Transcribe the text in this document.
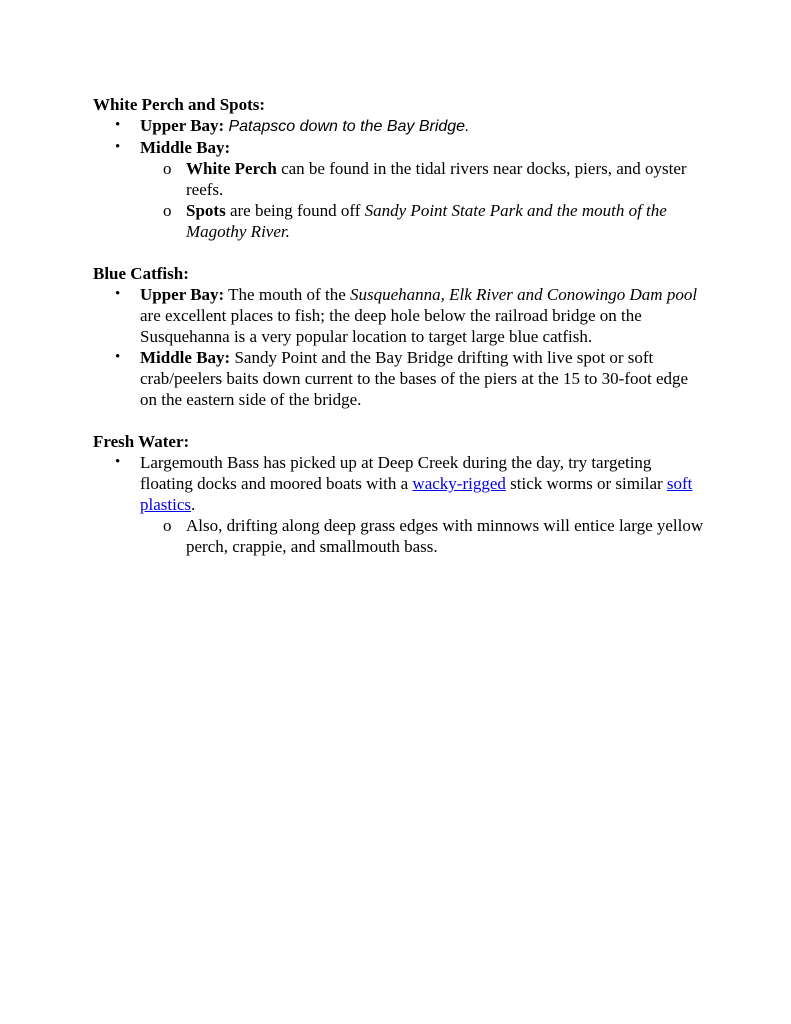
White Perch and Spots:

• Upper Bay: Patapsco down to the Bay Bridge.
• Middle Bay:
o White Perch can be found in the tidal rivers near docks, piers, and oyster reefs.
o Spots are being found off Sandy Point State Park and the mouth of the Magothy River.

Blue Catfish:

• Upper Bay: The mouth of the Susquehanna, Elk River and Conowingo Dam pool are excellent places to fish; the deep hole below the railroad bridge on the Susquehanna is a very popular location to target large blue catfish.
• Middle Bay: Sandy Point and the Bay Bridge drifting with live spot or soft crab/peelers baits down current to the bases of the piers at the 15 to 30-foot edge on the eastern side of the bridge.

Fresh Water:

• Largemouth Bass has picked up at Deep Creek during the day, try targeting floating docks and moored boats with a wacky-rigged stick worms or similar soft plastics.
o Also, drifting along deep grass edges with minnows will entice large yellow perch, crappie, and smallmouth bass.
